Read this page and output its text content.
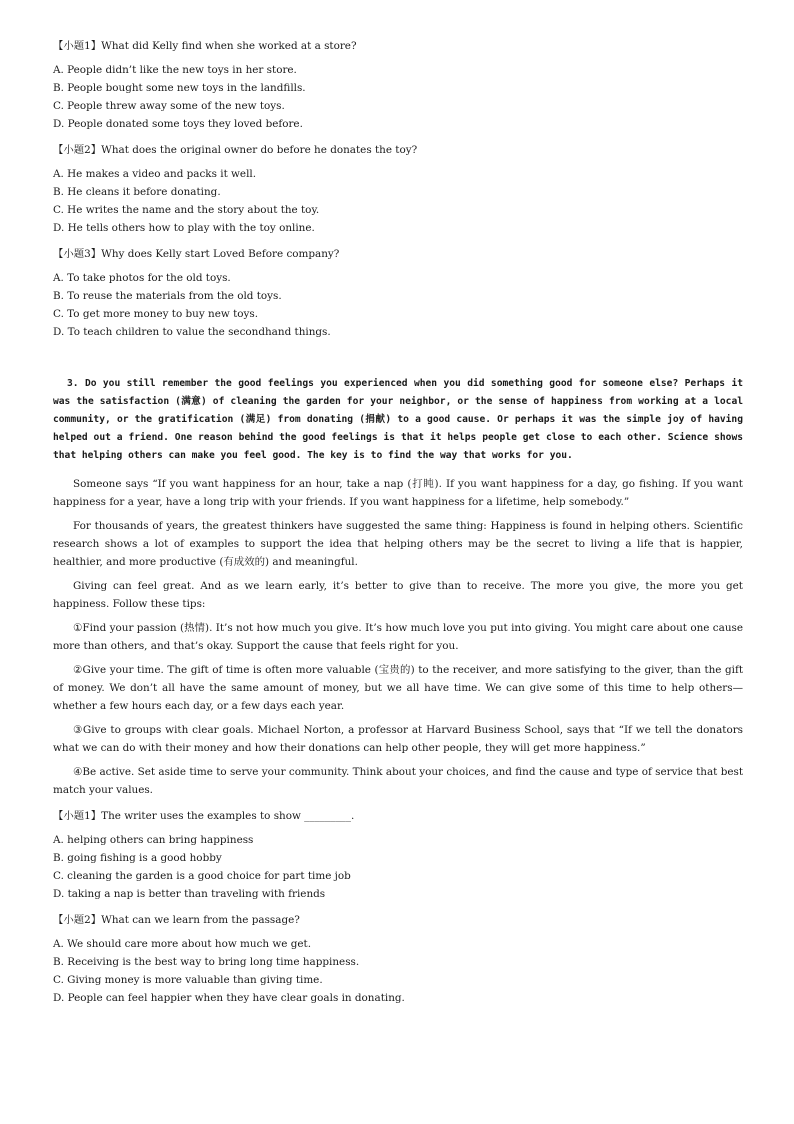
【小题1】What did Kelly find when she worked at a store?

A. People didn’t like the new toys in her store.

B. People bought some new toys in the landfills.

C. People threw away some of the new toys.

D. People donated some toys they loved before.

【小题2】What does the original owner do before he donates the toy?

A. He makes a video and packs it well.

B. He cleans it before donating.

C. He writes the name and the story about the toy.

D. He tells others how to play with the toy online.

【小题3】Why does Kelly start Loved Before company?

A. To take photos for the old toys.

B. To reuse the materials from the old toys.

C. To get more money to buy new toys.

D. To teach children to value the secondhand things.

3. Do you still remember the good feelings you experienced when you did something good for someone else? Perhaps it was the satisfaction (满意) of cleaning the garden for your neighbor, or the sense of happiness from working at a local community, or the gratification (满足) from donating (捐献) to a good cause. Or perhaps it was the simple joy of having helped out a friend. One reason behind the good feelings is that it helps people get close to each other. Science shows that helping others can make you feel good. The key is to find the way that works for you.

Someone says “If you want happiness for an hour, take a nap (打盹). If you want happiness for a day, go fishing. If you want happiness for a year, have a long trip with your friends. If you want happiness for a lifetime, help somebody.”

For thousands of years, the greatest thinkers have suggested the same thing: Happiness is found in helping others. Scientific research shows a lot of examples to support the idea that helping others may be the secret to living a life that is happier, healthier, and more productive (有成效的) and meaningful.

Giving can feel great. And as we learn early, it’s better to give than to receive. The more you give, the more you get happiness. Follow these tips:

①Find your passion (热情). It’s not how much you give. It’s how much love you put into giving. You might care about one cause more than others, and that’s okay. Support the cause that feels right for you.

②Give your time. The gift of time is often more valuable (宝贵的) to the receiver, and more satisfying to the giver, than the gift of money. We don’t all have the same amount of money, but we all have time. We can give some of this time to help others—whether a few hours each day, or a few days each year.

③Give to groups with clear goals. Michael Norton, a professor at Harvard Business School, says that “If we tell the donators what we can do with their money and how their donations can help other people, they will get more happiness.”

④Be active. Set aside time to serve your community. Think about your choices, and find the cause and type of service that best match your values.

【小题1】The writer uses the examples to show _________.

A. helping others can bring happiness

B. going fishing is a good hobby

C. cleaning the garden is a good choice for part time job

D. taking a nap is better than traveling with friends

【小题2】What can we learn from the passage?

A. We should care more about how much we get.

B. Receiving is the best way to bring long time happiness.

C. Giving money is more valuable than giving time.

D. People can feel happier when they have clear goals in donating.
